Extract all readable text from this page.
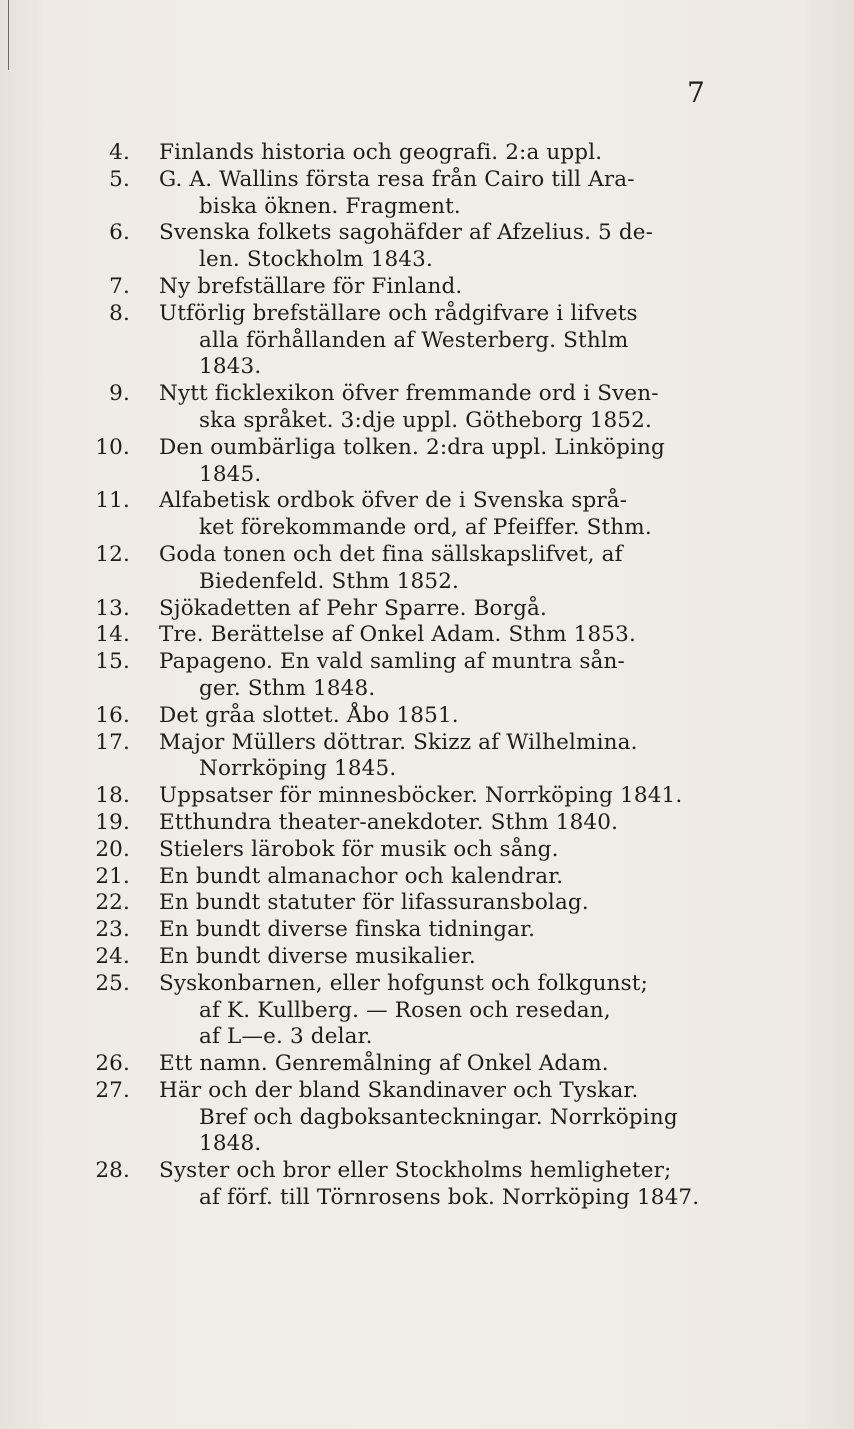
7
4.	Finlands historia och geografi. 2:a uppl.
5.	G. A. Wallins första resa från Cairo till Ara-
biska öknen. Fragment.
6.	Svenska folkets sagohäfder af Afzelius. 5 de-
len. Stockholm 1843.
7.	Ny brefställare för Finland.
8.	Utförlig brefställare och rådgifvare i lifvets
alla förhållanden af Westerberg. Sthlm
1843.
9.	Nytt ficklexikon öfver fremmande ord i Sven-
ska språket. 3:dje uppl. Götheborg 1852.
10.	Den oumbärliga tolken. 2:dra uppl. Linköping
1845.
11.	Alfabetisk ordbok öfver de i Svenska språ-
ket förekommande ord, af Pfeiffer. Sthm.
12.	Goda tonen och det fina sällskapslifvet, af
Biedenfeld. Sthm 1852.
13.	Sjökadetten af Pehr Sparre. Borgå.
14.	Tre. Berättelse af Onkel Adam. Sthm 1853.
15.	Papageno. En vald samling af muntra sån-
ger. Sthm 1848.
16.	Det gråa slottet. Åbo 1851.
17.	Major Müllers döttrar. Skizz af Wilhelmina.
Norrköping 1845.
18.	Uppsatser för minnesböcker. Norrköping 1841.
19.	Etthundra theater-anekdoter. Sthm 1840.
20.	Stielers lärobok för musik och sång.
21.	En bundt almanachor och kalendrar.
22.	En bundt statuter för lifassuransbolag.
23.	En bundt diverse finska tidningar.
24.	En bundt diverse musikalier.
25.	Syskonbarnen, eller hofgunst och folkgunst;
af K. Kullberg. — Rosen och resedan,
af L—e. 3 delar.
26.	Ett namn. Genremålning af Onkel Adam.
27.	Här och der bland Skandinaver och Tyskar.
Bref och dagboksanteckningar. Norrköping
1848.
28.	Syster och bror eller Stockholms hemligheter;
af förf. till Törnrosens bok. Norrköping 1847.
